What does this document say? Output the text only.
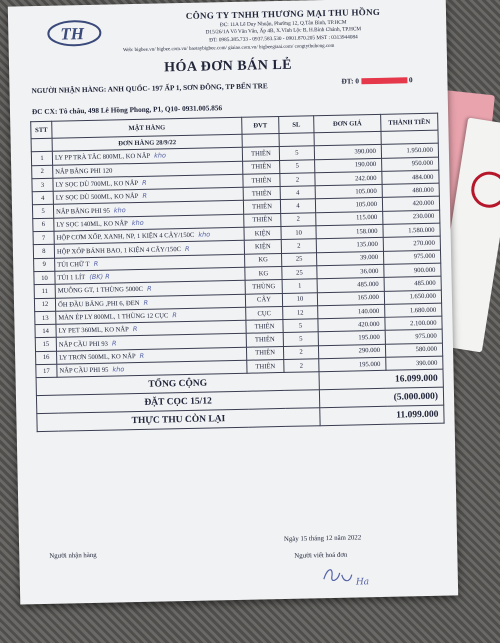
TH
CÔNG TY TNHH THƯƠNG MẠI THU HỒNG
ĐC: 11A Lê Duy Nhuận, Phường 12, Q.Tân Bình, TP.HCM
D15/26/1A Võ Văn Vân, Ấp 4B, X.Vĩnh Lộc B, H.Bình Chánh, TP.HCM
ĐT: 0985.385.733 - 0937.583.530 - 0901.870.205 MST : 0313944084
Web: bigbee.vn/ bigbee.com.vn/ baotaybigbee.com/ giaiao.com.vn/ bigbeegiaai.com/ congtythuhong.com
HÓA ĐƠN BÁN LẺ
NGƯỜI NHẬN HÀNG: ANH QUỐC- 197 ẤP 1, SƠN ĐÔNG, TP BẾN TRE
ĐT: 0	0
ĐC CX: Tô châu, 498 Lê Hồng Phong, P1, Q10- 0931.005.856
STT	MẶT HÀNG	ĐVT	SL	ĐƠN GIÁ	THÀNH TIỀN
	ĐƠN HÀNG 28/9/22				
1	LY PP TRÀ TẮC 800ML, KO NẮP kho	THIÊN	5	390.000	1.950.000
2	NẮP BẰNG PHI 120	THIÊN	5	190.000	950.000
3	LY SỌC DÙ 700ML, KO NẮP R	THIÊN	2	242.000	484.000
4	LY SỌC DÙ 500ML, KO NẮP R	THIÊN	4	105.000	480.000
5	NẮP BẰNG PHI 95 kho	THIÊN	4	105.000	420.000
6	LY SỌC 140ML, KO NẮP kho	THIÊN	2	115.000	230.000
7	HỘP CƠM XỐP, XANH, NP, 1 KIỆN 4 CÂY/150C kho	KIỆN	10	158.000	1.580.000
8	HỘP XỐP BÁNH BAO, 1 KIỆN 4 CÂY/150C R	KIỆN	2	135.000	270.000
9	TÚI CHỮ T R	KG	25	39.000	975.000
10	TÚI 1 LÍT (BK) R	KG	25	36.000	900.000
11	MUỖNG GT, 1 THÙNG 5000C R	THÙNG	1	485.000	485.000
12	ỐH ĐẦU BĂNG ,PHI 6, ĐEN R	CÂY	10	165.000	1.650.000
13	MÀN ÉP LY 800ML, 1 THÙNG 12 CỤC R	CỤC	12	140.000	1.680.000
14	LY PET 360ML, KO NẮP R	THIÊN	5	420.000	2.100.000
15	NẮP CẦU PHI 93 R	THIÊN	5	195.000	975.000
16	LY TRƠN 500ML, KO NẮP R	THIÊN	2	290.000	580.000
17	NẮP CẦU PHI 95 kho	THIÊN	2	195.000	390.000
TỔNG CỘNG				16.099.000	
ĐẶT CỌC 15/12				(5.000.000)	
THỰC THU CÒN LẠI				11.099.000	
Ngày 15 tháng 12 năm 2022
Người nhận hàng	Người viết hoá đơn
Ha
